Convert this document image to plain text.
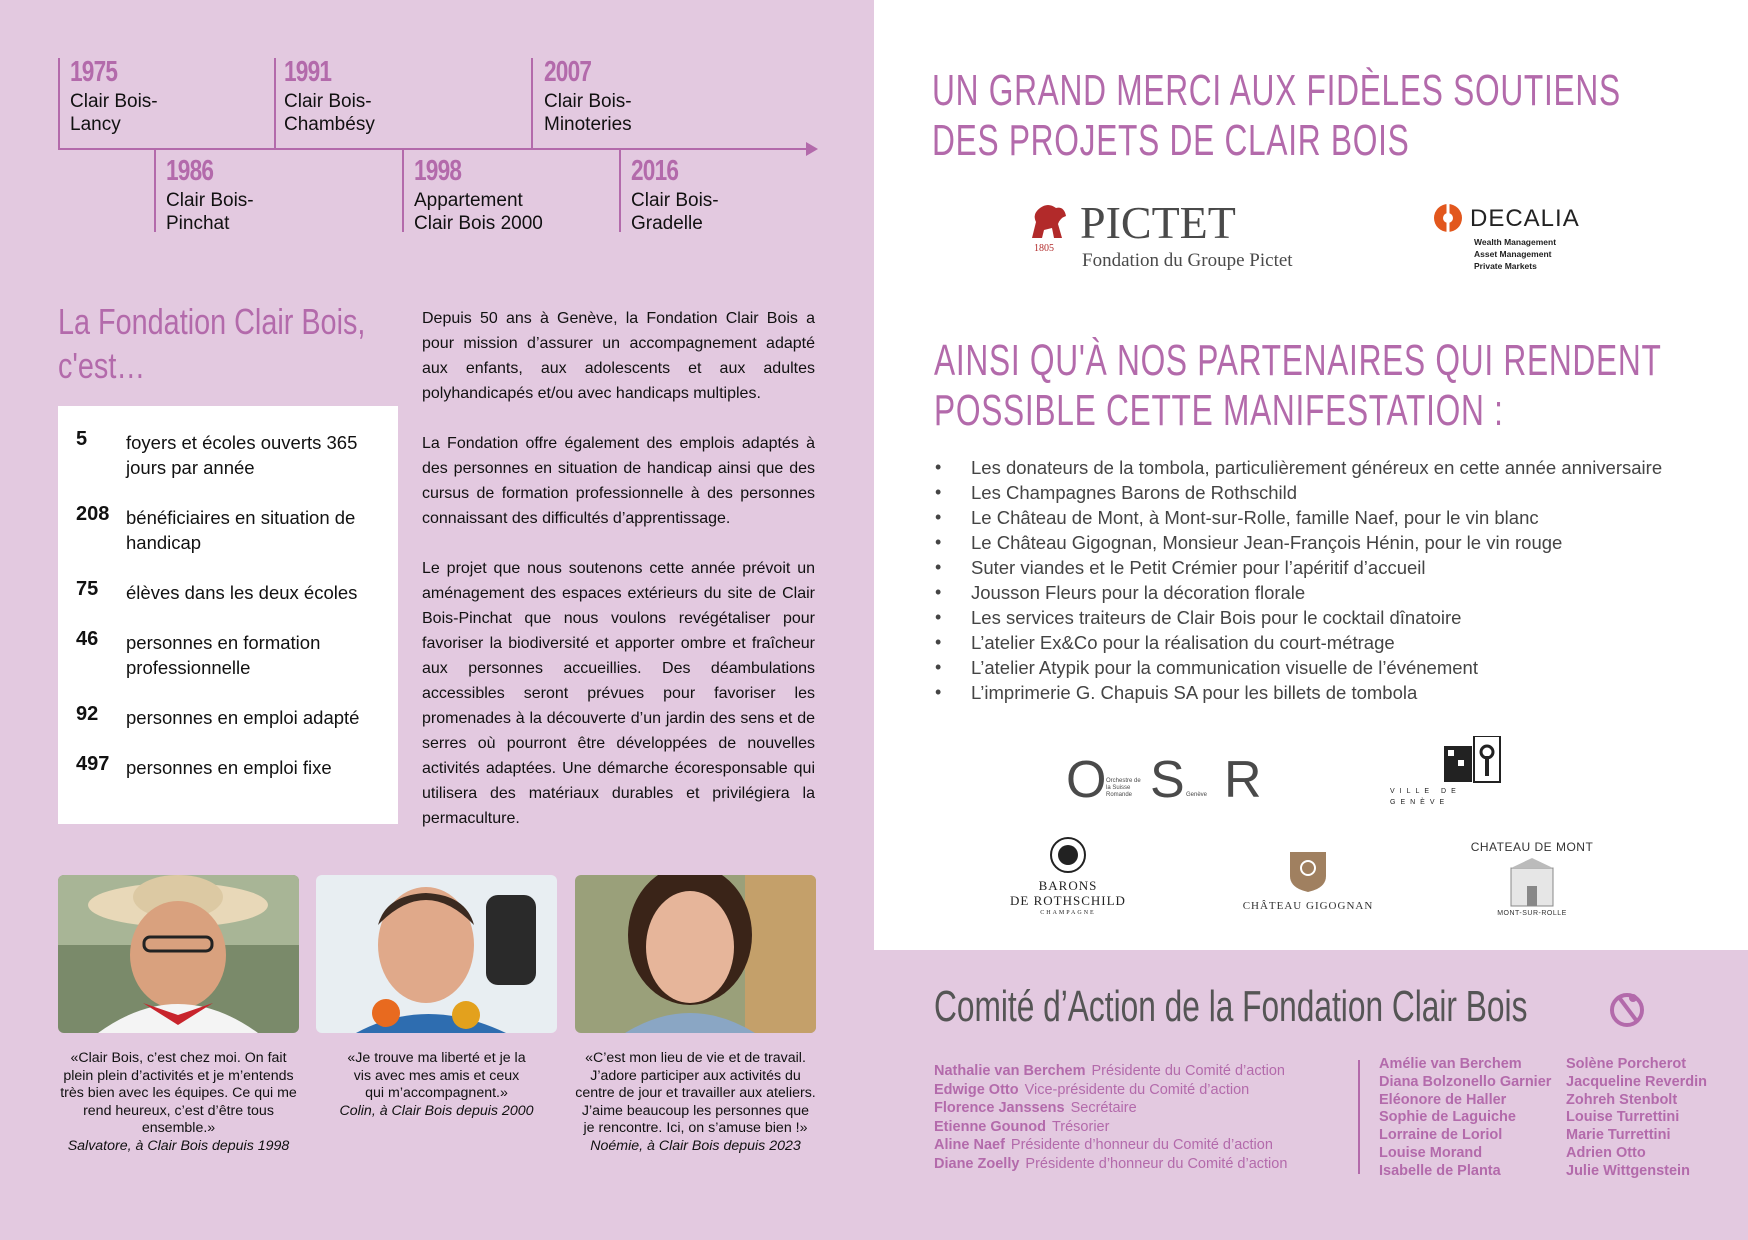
1975
Clair Bois-
Lancy
1991
Clair Bois-
Chambésy
2007
Clair Bois-
Minoteries
1986
Clair Bois-
Pinchat
1998
Appartement
Clair Bois 2000
2016
Clair Bois-
Gradelle
La Fondation Clair Bois,
c'est…
5 foyers et écoles ouverts 365 jours par année
208 bénéficiaires en situation de handicap
75 élèves dans les deux écoles
46 personnes en formation professionnelle
92 personnes en emploi adapté
497 personnes en emploi fixe
Depuis 50 ans à Genève, la Fondation Clair Bois a pour mission d’assurer un accompagnement adapté aux enfants, aux adolescents et aux adultes polyhandicapés et/ou avec handicaps multiples.
La Fondation offre également des emplois adaptés à des personnes en situation de handicap ainsi que des cursus de formation professionnelle à des personnes connaissant des difficultés d’apprentissage.
Le projet que nous soutenons cette année prévoit un aménagement des espaces extérieurs du site de Clair Bois-Pinchat que nous voulons revégétaliser pour favoriser la biodiversité et apporter ombre et fraîcheur aux personnes accueillies. Des déambulations accessibles seront prévues pour favoriser les promenades à la découverte d’un jardin des sens et de serres où pourront être développées de nouvelles activités adaptées. Une démarche écoresponsable qui utilisera des matériaux durables et privilégiera la permaculture.
«Clair Bois, c’est chez moi. On fait plein plein d’activités et je m’entends très bien avec les équipes. Ce qui me rend heureux, c’est d’être tous ensemble.»
Salvatore, à Clair Bois depuis 1998
«Je trouve ma liberté et je la vis avec mes amis et ceux qui m’accompagnent.»
Colin, à Clair Bois depuis 2000
«C’est mon lieu de vie et de travail. J’adore participer aux activités du centre de jour et travailler aux ateliers. J’aime beaucoup les personnes que je rencontre. Ici, on s’amuse bien !»
Noémie, à Clair Bois depuis 2023
UN GRAND MERCI AUX FIDÈLES SOUTIENS
DES PROJETS DE CLAIR BOIS
1805
PICTET
Fondation du Groupe Pictet
DECALIA
Wealth Management
Asset Management
Private Markets
AINSI QU'À NOS PARTENAIRES QUI RENDENT
POSSIBLE CETTE MANIFESTATION :
• Les donateurs de la tombola, particulièrement généreux en cette année anniversaire
• Les Champagnes Barons de Rothschild
• Le Château de Mont, à Mont-sur-Rolle, famille Naef, pour le vin blanc
• Le Château Gigognan, Monsieur Jean-François Hénin, pour le vin rouge
• Suter viandes et le Petit Crémier pour l’apéritif d’accueil
• Jousson Fleurs pour la décoration florale
• Les services traiteurs de Clair Bois pour le cocktail dînatoire
• L’atelier Ex&Co pour la réalisation du court-métrage
• L’atelier Atypik pour la communication visuelle de l’événement
• L’imprimerie G. Chapuis SA pour les billets de tombola
O Orchestre de la Suisse Romande S Genève R	VILLE DE GENÈVE
BARONS
DE ROTHSCHILD
CHAMPAGNE
CHÂTEAU GIGOGNAN
CHATEAU DE MONT
MONT-SUR-ROLLE
Comité d’Action de la Fondation Clair Bois
Nathalie van Berchem Présidente du Comité d’action
Edwige Otto Vice-présidente du Comité d’action
Florence Janssens Secrétaire
Etienne Gounod Trésorier
Aline Naef Présidente d’honneur du Comité d’action
Diane Zoelly Présidente d’honneur du Comité d’action
Amélie van Berchem
Diana Bolzonello Garnier
Eléonore de Haller
Sophie de Laguiche
Lorraine de Loriol
Louise Morand
Isabelle de Planta
Solène Porcherot
Jacqueline Reverdin
Zohreh Stenbolt
Louise Turrettini
Marie Turrettini
Adrien Otto
Julie Wittgenstein
